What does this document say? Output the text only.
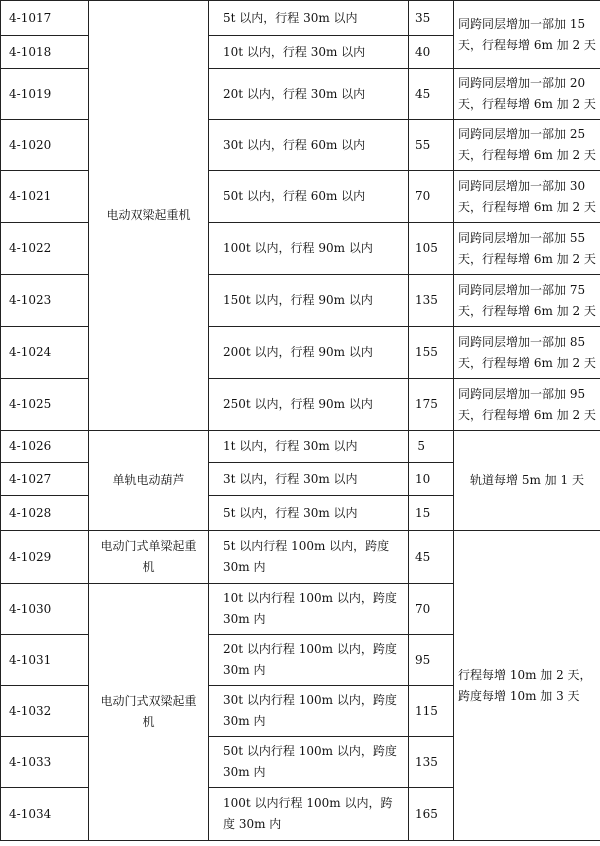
4-1017	电动双梁起重机	5t 以内，行程 30m 以内	35	同跨同层增加一部加 15 天，行程每增 6m 加 2 天
4-1018		10t 以内，行程 30m 以内	40	
4-1019		20t 以内，行程 30m 以内	45	同跨同层增加一部加 20 天，行程每增 6m 加 2 天
4-1020		30t 以内，行程 60m 以内	55	同跨同层增加一部加 25 天，行程每增 6m 加 2 天
4-1021		50t 以内，行程 60m 以内	70	同跨同层增加一部加 30 天，行程每增 6m 加 2 天
4-1022		100t 以内，行程 90m 以内	105	同跨同层增加一部加 55 天，行程每增 6m 加 2 天
4-1023		150t 以内，行程 90m 以内	135	同跨同层增加一部加 75 天，行程每增 6m 加 2 天
4-1024		200t 以内，行程 90m 以内	155	同跨同层增加一部加 85 天，行程每增 6m 加 2 天
4-1025		250t 以内，行程 90m 以内	175	同跨同层增加一部加 95 天，行程每增 6m 加 2 天
4-1026	单轨电动葫芦	1t 以内，行程 30m 以内	5	轨道每增 5m 加 1 天
4-1027		3t 以内，行程 30m 以内	10	
4-1028		5t 以内，行程 30m 以内	15	
4-1029	电动门式单梁起重机	5t 以内行程 100m 以内，跨度 30m 内	45	行程每增 10m 加 2 天，跨度每增 10m 加 3 天
4-1030	电动门式双梁起重机	10t 以内行程 100m 以内，跨度 30m 内	70	
4-1031		20t 以内行程 100m 以内，跨度 30m 内	95	
4-1032		30t 以内行程 100m 以内，跨度 30m 内	115	
4-1033		50t 以内行程 100m 以内，跨度 30m 内	135	
4-1034		100t 以内行程 100m 以内，跨度 30m 内	165	
